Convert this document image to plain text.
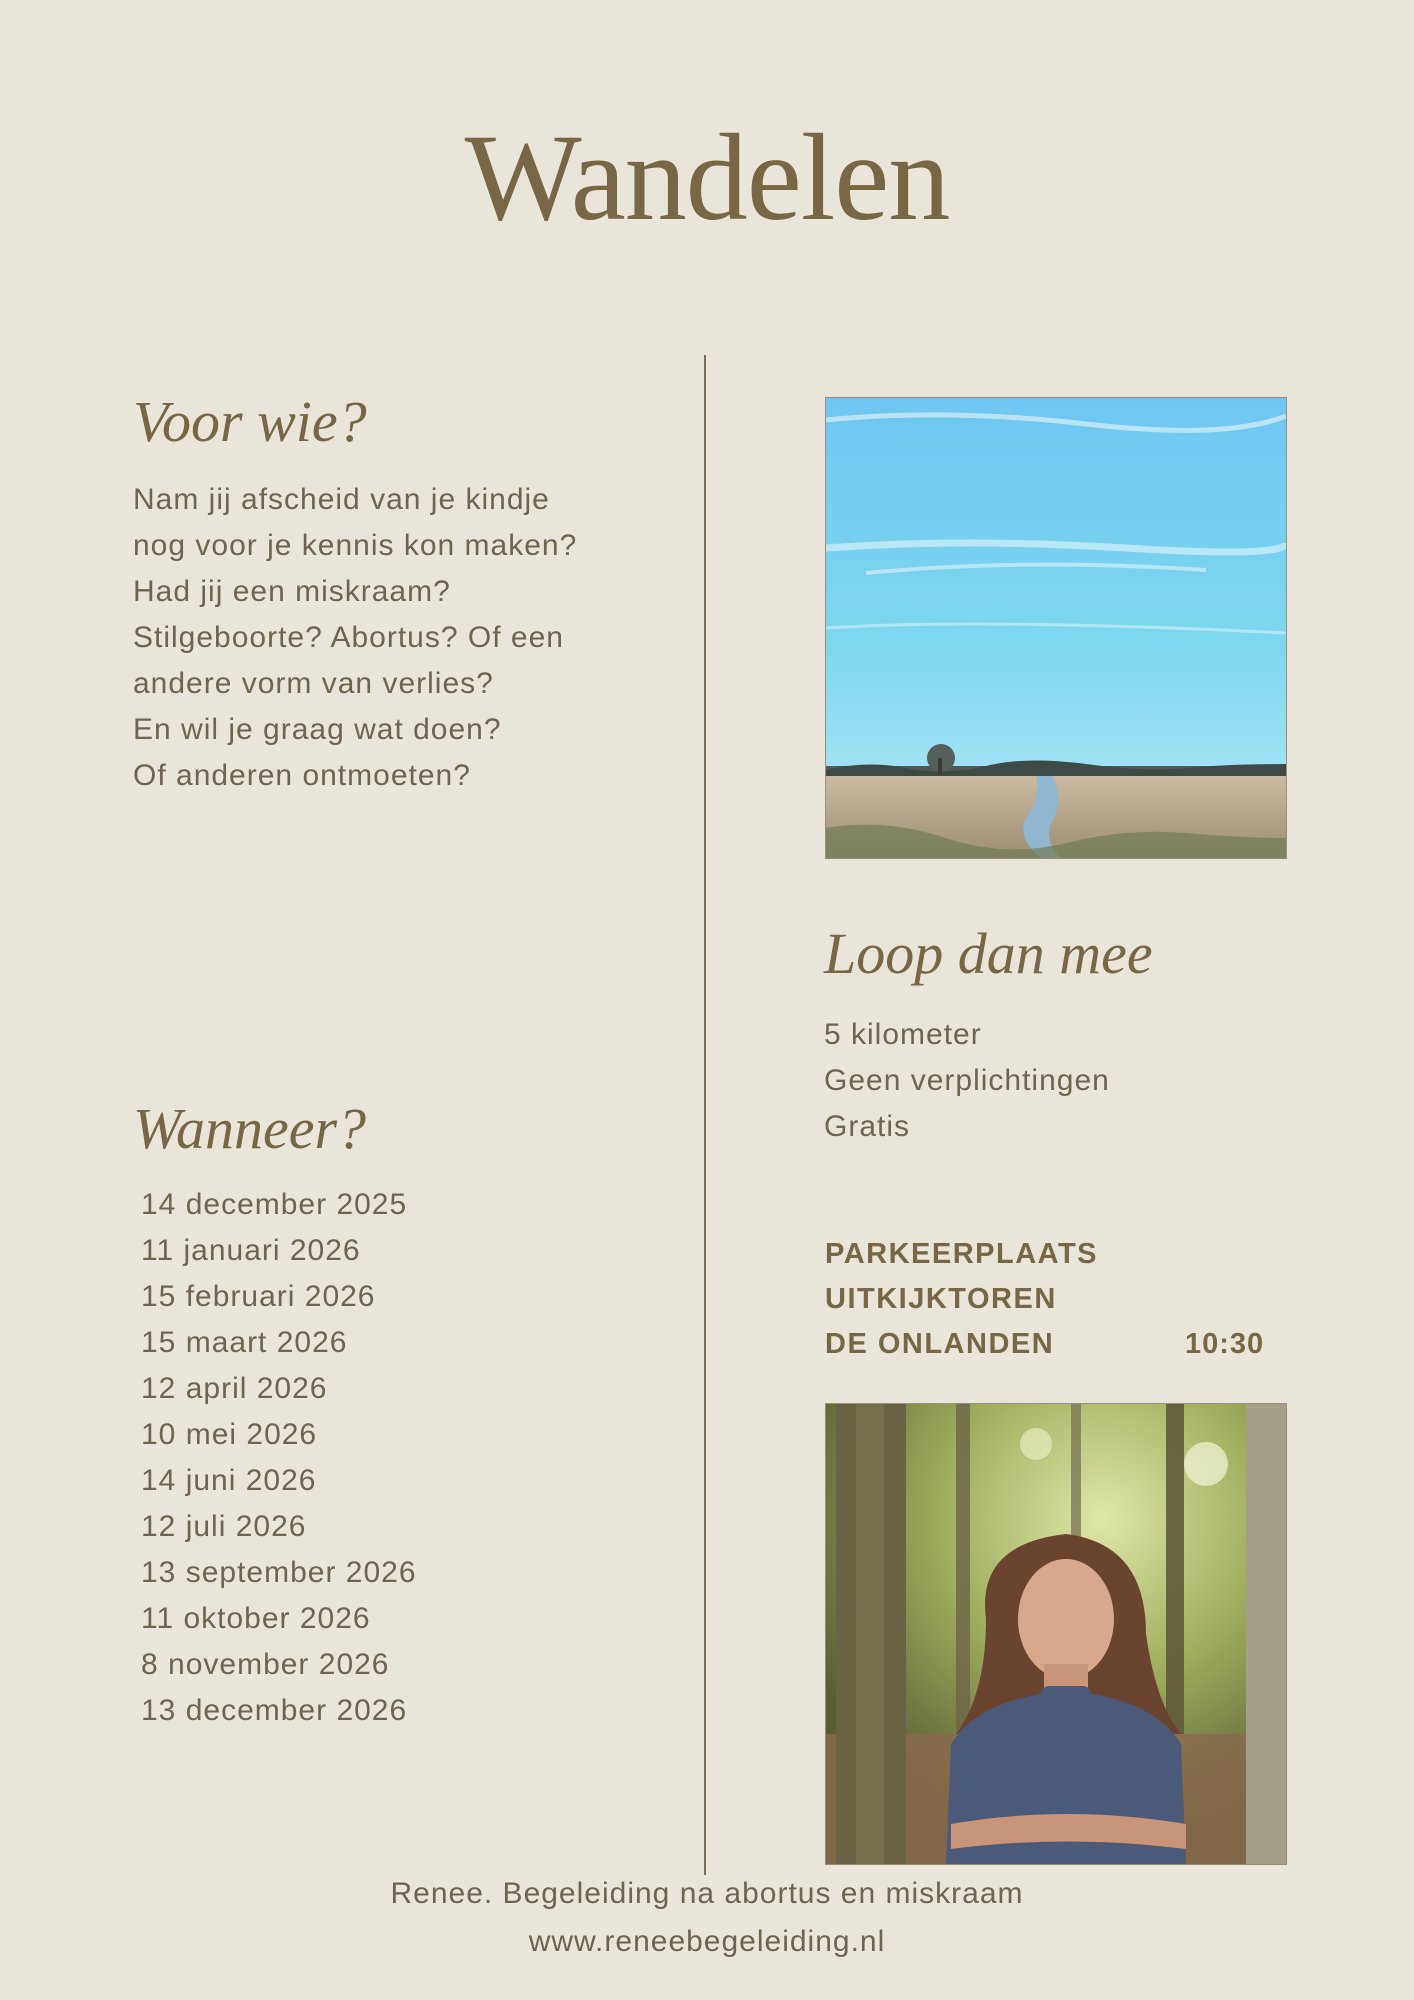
Wandelen
Voor wie?
Nam jij afscheid van je kindje
nog voor je kennis kon maken?
Had jij een miskraam?
Stilgeboorte? Abortus? Of een
andere vorm van verlies?
En wil je graag wat doen?
Of anderen ontmoeten?
Wanneer?
14 december 2025
11 januari 2026
15 februari 2026
15 maart 2026
12 april 2026
10 mei 2026
14 juni 2026
12 juli 2026
13 september 2026
11 oktober 2026
8 november 2026
13 december 2026
Loop dan mee
5 kilometer
Geen verplichtingen
Gratis
PARKEERPLAATS
UITKIJKTOREN
DE ONLANDEN	10:30
Renee. Begeleiding na abortus en miskraam
www.reneebegeleiding.nl
